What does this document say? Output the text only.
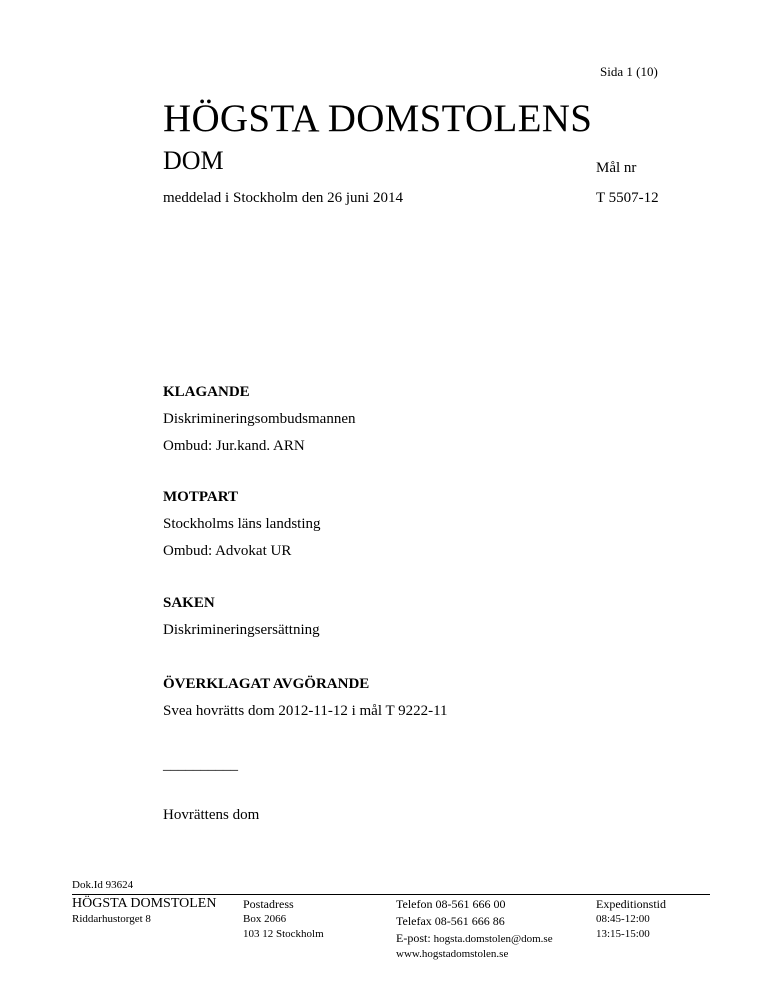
Sida 1 (10)
HÖGSTA DOMSTOLENS
DOM	Mål nr
meddelad i Stockholm den 26 juni 2014	T 5507-12
KLAGANDE
Diskrimineringsombudsmannen
Ombud: Jur.kand. ARN
MOTPART
Stockholms läns landsting
Ombud: Advokat UR
SAKEN
Diskrimineringsersättning
ÖVERKLAGAT AVGÖRANDE
Svea hovrätts dom 2012-11-12 i mål T 9222-11
__________
Hovrättens dom
Dok.Id 93624
HÖGSTA DOMSTOLEN
Riddarhustorget 8
Postadress
Box 2066
103 12 Stockholm
Telefon 08-561 666 00
Telefax 08-561 666 86
E-post: hogsta.domstolen@dom.se
www.hogstadomstolen.se
Expeditionstid
08:45-12:00
13:15-15:00
